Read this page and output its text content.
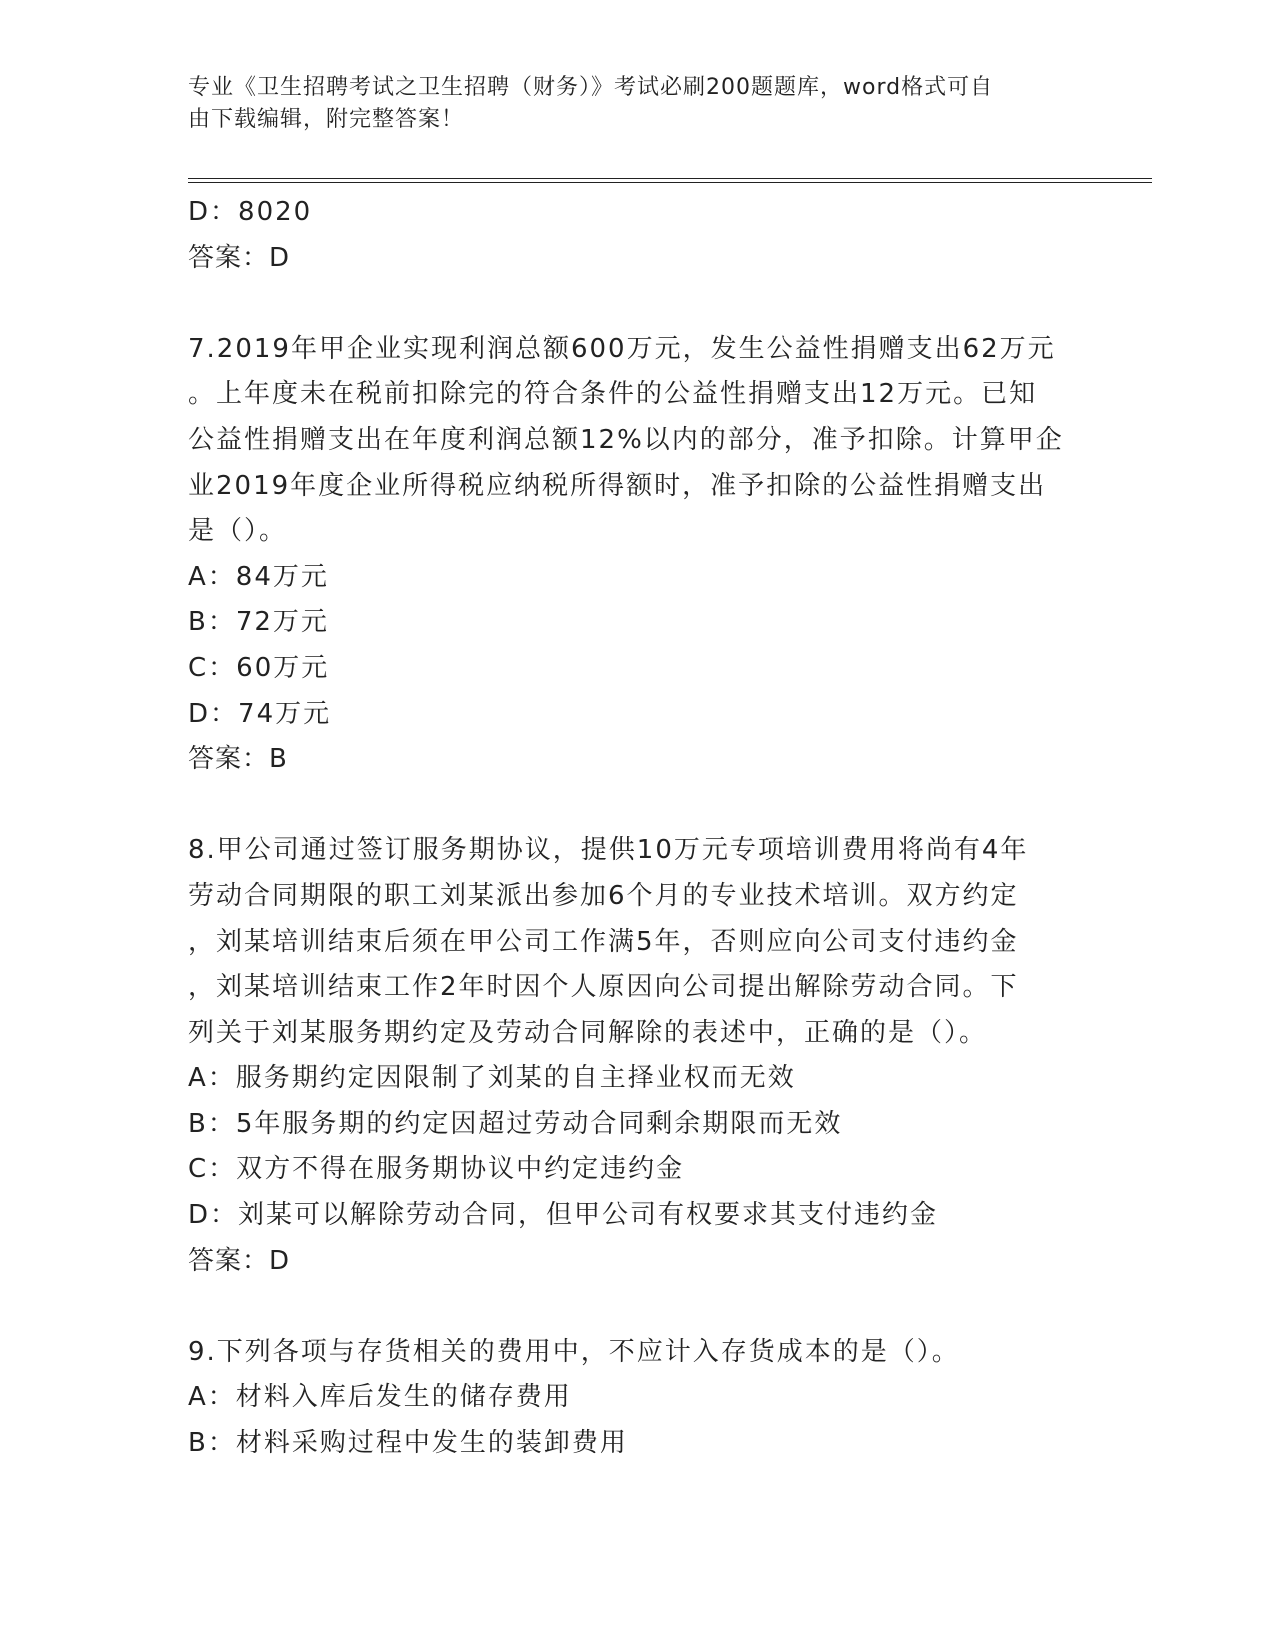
专业《卫生招聘考试之卫生招聘（财务）》考试必刷200题题库，word格式可自
由下载编辑，附完整答案！
D：8020
答案：D
7.2019年甲企业实现利润总额600万元，发生公益性捐赠支出62万元
。上年度未在税前扣除完的符合条件的公益性捐赠支出12万元。已知
公益性捐赠支出在年度利润总额12%以内的部分，准予扣除。计算甲企
业2019年度企业所得税应纳税所得额时，准予扣除的公益性捐赠支出
是（）。
A：84万元
B：72万元
C：60万元
D：74万元
答案：B
8.甲公司通过签订服务期协议，提供10万元专项培训费用将尚有4年
劳动合同期限的职工刘某派出参加6个月的专业技术培训。双方约定
，刘某培训结束后须在甲公司工作满5年，否则应向公司支付违约金
，刘某培训结束工作2年时因个人原因向公司提出解除劳动合同。下
列关于刘某服务期约定及劳动合同解除的表述中，正确的是（）。
A：服务期约定因限制了刘某的自主择业权而无效
B：5年服务期的约定因超过劳动合同剩余期限而无效
C：双方不得在服务期协议中约定违约金
D：刘某可以解除劳动合同，但甲公司有权要求其支付违约金
答案：D
9.下列各项与存货相关的费用中，不应计入存货成本的是（）。
A：材料入库后发生的储存费用
B：材料采购过程中发生的装卸费用
